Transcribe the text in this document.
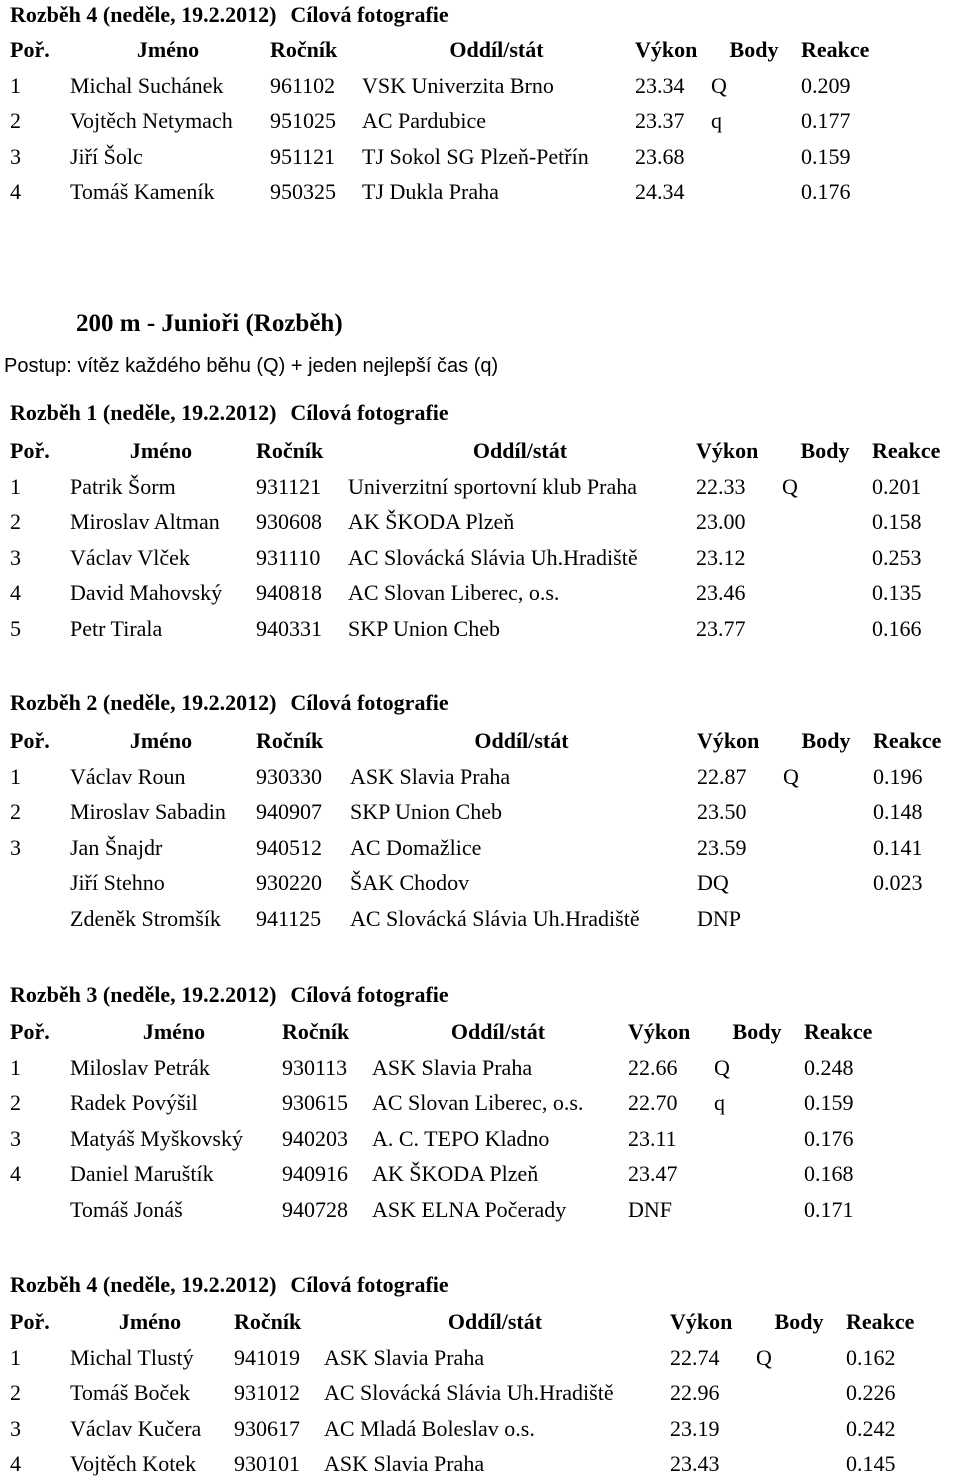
Rozběh 4 (neděle, 19.2.2012) Cílová fotografie
Poř.	Jméno	Ročník	Oddíl/stát	Výkon	Body	Reakce
1	Michal Suchánek	961102	VSK Univerzita Brno	23.34	Q	0.209
2	Vojtěch Netymach	951025	AC Pardubice	23.37	q	0.177
3	Jiří Šolc	951121	TJ Sokol SG Plzeň-Petřín	23.68		0.159
4	Tomáš Kameník	950325	TJ Dukla Praha	24.34		0.176
200 m - Junioři (Rozběh)
Postup: vítěz každého běhu (Q) + jeden nejlepší čas (q)
Rozběh 1 (neděle, 19.2.2012) Cílová fotografie
Poř.	Jméno	Ročník	Oddíl/stát	Výkon	Body	Reakce
1	Patrik Šorm	931121	Univerzitní sportovní klub Praha	22.33	Q	0.201
2	Miroslav Altman	930608	AK ŠKODA Plzeň	23.00		0.158
3	Václav Vlček	931110	AC Slovácká Slávia Uh.Hradiště	23.12		0.253
4	David Mahovský	940818	AC Slovan Liberec, o.s.	23.46		0.135
5	Petr Tirala	940331	SKP Union Cheb	23.77		0.166
Rozběh 2 (neděle, 19.2.2012) Cílová fotografie
Poř.	Jméno	Ročník	Oddíl/stát	Výkon	Body	Reakce
1	Václav Roun	930330	ASK Slavia Praha	22.87	Q	0.196
2	Miroslav Sabadin	940907	SKP Union Cheb	23.50		0.148
3	Jan Šnajdr	940512	AC Domažlice	23.59		0.141
	Jiří Stehno	930220	ŠAK Chodov	DQ		0.023
	Zdeněk Stromšík	941125	AC Slovácká Slávia Uh.Hradiště	DNP		
Rozběh 3 (neděle, 19.2.2012) Cílová fotografie
Poř.	Jméno	Ročník	Oddíl/stát	Výkon	Body	Reakce
1	Miloslav Petrák	930113	ASK Slavia Praha	22.66	Q	0.248
2	Radek Povýšil	930615	AC Slovan Liberec, o.s.	22.70	q	0.159
3	Matyáš Myškovský	940203	A. C. TEPO Kladno	23.11		0.176
4	Daniel Maruštík	940916	AK ŠKODA Plzeň	23.47		0.168
	Tomáš Jonáš	940728	ASK ELNA Počerady	DNF		0.171
Rozběh 4 (neděle, 19.2.2012) Cílová fotografie
Poř.	Jméno	Ročník	Oddíl/stát	Výkon	Body	Reakce
1	Michal Tlustý	941019	ASK Slavia Praha	22.74	Q	0.162
2	Tomáš Boček	931012	AC Slovácká Slávia Uh.Hradiště	22.96		0.226
3	Václav Kučera	930617	AC Mladá Boleslav o.s.	23.19		0.242
4	Vojtěch Kotek	930101	ASK Slavia Praha	23.43		0.145
